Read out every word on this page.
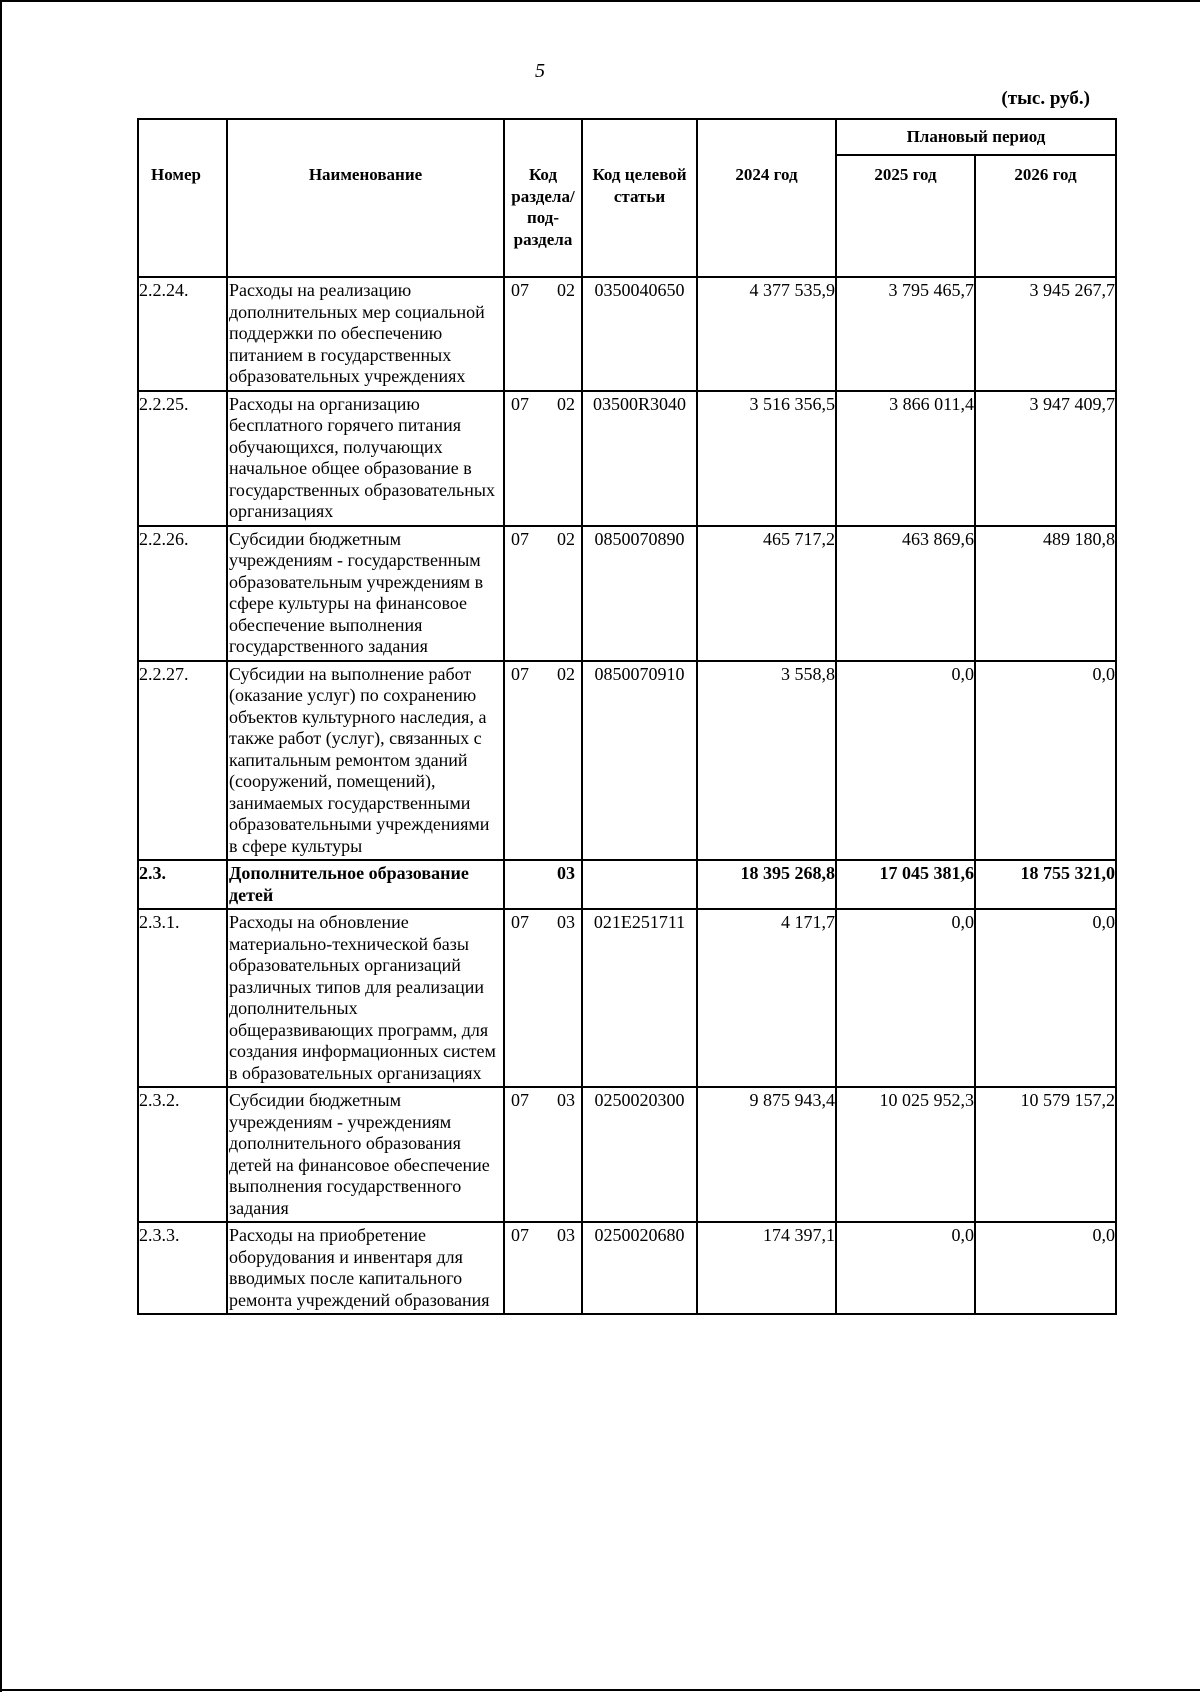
5
(тыс. руб.)
Номер	Наименование	Код раздела/ под-раздела	Код целевой статьи	2024 год	Плановый период	
					2025 год	2026 год
2.2.24.	Расходы на реализацию дополнительных мер социальной поддержки по обеспечению питанием в государственных образовательных учреждениях	07 02	0350040650	4 377 535,9	3 795 465,7	3 945 267,7
2.2.25.	Расходы на организацию бесплатного горячего питания обучающихся, получающих начальное общее образование в государственных образовательных организациях	07 02	03500R3040	3 516 356,5	3 866 011,4	3 947 409,7
2.2.26.	Субсидии бюджетным учреждениям - государственным образовательным учреждениям в сфере культуры на финансовое обеспечение выполнения государственного задания	07 02	0850070890	465 717,2	463 869,6	489 180,8
2.2.27.	Субсидии на выполнение работ (оказание услуг) по сохранению объектов культурного наследия, а также работ (услуг), связанных с капитальным ремонтом зданий (сооружений, помещений), занимаемых государственными образовательными учреждениями в сфере культуры	07 02	0850070910	3 558,8	0,0	0,0
2.3.	Дополнительное образование детей	03		18 395 268,8	17 045 381,6	18 755 321,0
2.3.1.	Расходы на обновление материально-технической базы образовательных организаций различных типов для реализации дополнительных общеразвивающих программ, для создания информационных систем в образовательных организациях	07 03	021E251711	4 171,7	0,0	0,0
2.3.2.	Субсидии бюджетным учреждениям - учреждениям дополнительного образования детей на финансовое обеспечение выполнения государственного задания	07 03	0250020300	9 875 943,4	10 025 952,3	10 579 157,2
2.3.3.	Расходы на приобретение оборудования и инвентаря для вводимых после капитального ремонта учреждений образования	07 03	0250020680	174 397,1	0,0	0,0
